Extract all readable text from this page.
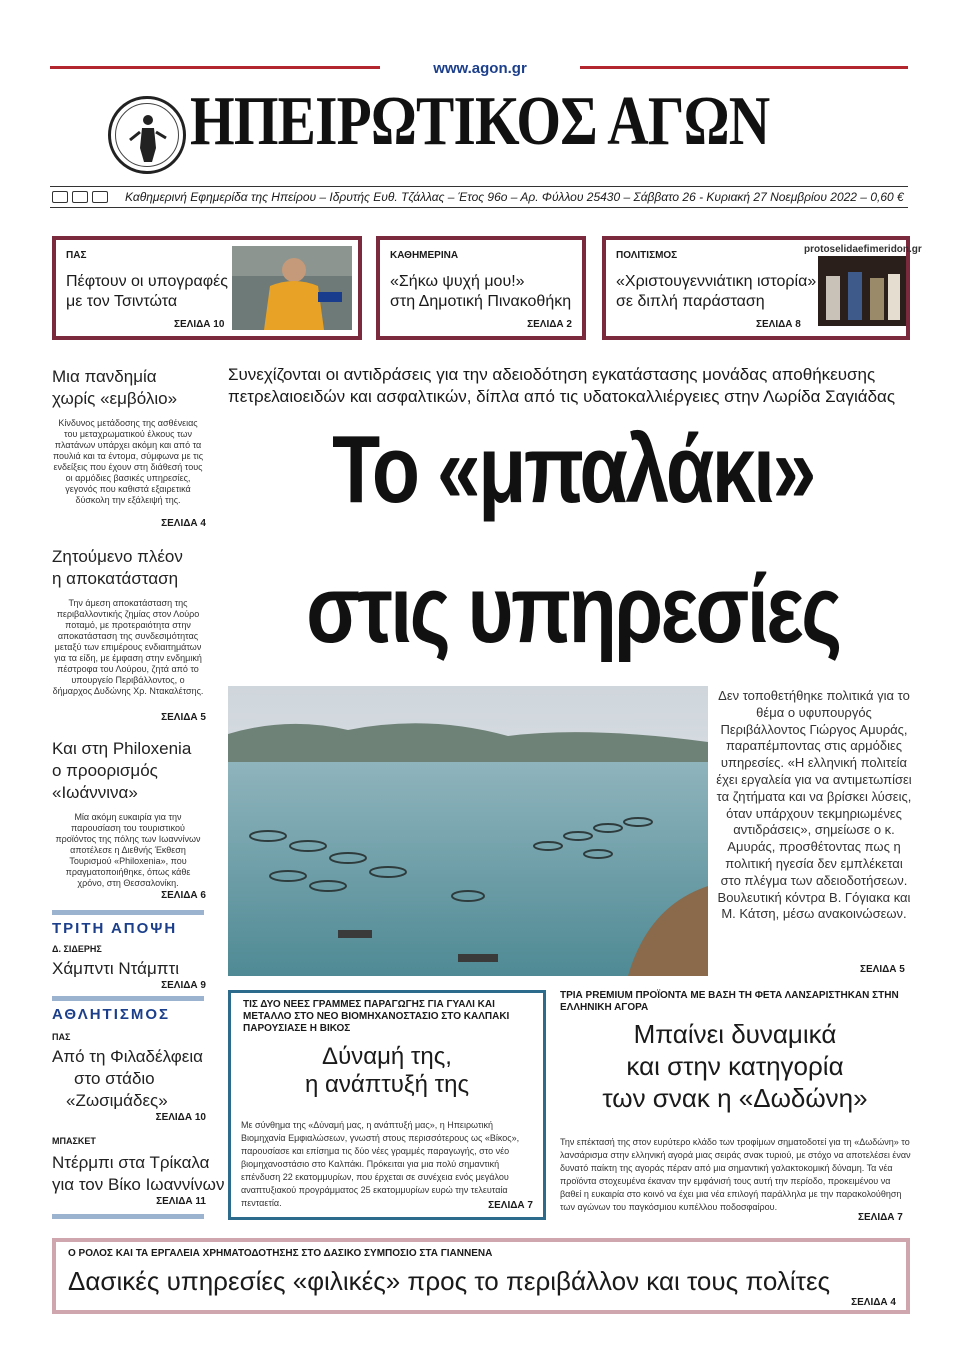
www.agon.gr
ΗΠΕΙΡΩΤΙΚΟΣ ΑΓΩΝ
Καθημερινή Εφημερίδα της Ηπείρου – Ιδρυτής Ευθ. Τζάλλας – Έτος 96ο – Αρ. Φύλλου 25430 – Σάββατο 26 - Κυριακή 27 Νοεμβρίου 2022 – 0,60 €
ΠΑΣ
Πέφτουν οι υπογραφές
με τον Τσιντώτα
ΣΕΛΙΔΑ 10
ΚΑΘΗΜΕΡΙΝΑ
«Σήκω ψυχή μου!»
στη Δημοτική Πινακοθήκη
ΣΕΛΙΔΑ 2
ΠΟΛΙΤΙΣΜΟΣ
«Χριστουγεννιάτικη ιστορία»
σε διπλή παράσταση
ΣΕΛΙΔΑ 8
protoselidaefimeridon.gr
Μια πανδημία
χωρίς «εμβόλιο»
Κίνδυνος μετάδοσης της ασθένειας του μεταχρωματικού έλκους των πλατάνων υπάρχει ακόμη και από τα πουλιά και τα έντομα, σύμφωνα με τις ενδείξεις που έχουν στη διάθεσή τους οι αρμόδιες βασικές υπηρεσίες, γεγονός που καθιστά εξαιρετικά δύσκολη την εξάλειψή της.
ΣΕΛΙΔΑ 4
Ζητούμενο πλέον
η αποκατάσταση
Την άμεση αποκατάσταση της περιβαλλοντικής ζημίας στον Λούρο ποταμό, με προτεραιότητα στην αποκατάσταση της συνδεσιμότητας μεταξύ των επιμέρους ενδιαιτημάτων για τα είδη, με έμφαση στην ενδημική πέστροφα του Λούρου, ζητά από το υπουργείο Περιβάλλοντος, ο δήμαρχος Δυδώνης Χρ. Ντακαλέτσης.
ΣΕΛΙΔΑ 5
Και στη Philoxenia
ο προορισμός
«Ιωάννινα»
Μία ακόμη ευκαιρία για την παρουσίαση του τουριστικού προϊόντος της πόλης των Ιωαννίνων αποτέλεσε η Διεθνής Έκθεση Τουρισμού «Philoxenia», που πραγματοποιήθηκε, όπως κάθε χρόνο, στη Θεσσαλονίκη.
ΣΕΛΙΔΑ 6
ΤΡΙΤΗ ΑΠΟΨΗ
Δ. ΣΙΔΕΡΗΣ
Χάμπντι Ντάμπτι
ΣΕΛΙΔΑ 9
ΑΘΛΗΤΙΣΜΟΣ
ΠΑΣ
Από τη Φιλαδέλφεια
στο στάδιο
«Ζωσιμάδες»
ΣΕΛΙΔΑ 10
ΜΠΑΣΚΕΤ
Ντέρμπι στα Τρίκαλα
για τον Βίκο Ιωαννίνων
ΣΕΛΙΔΑ 11
Συνεχίζονται οι αντιδράσεις για την αδειοδότηση εγκατάστασης μονάδας αποθήκευσης πετρελαιοειδών και ασφαλτικών, δίπλα από τις υδατοκαλλιέργειες στην Λωρίδα Σαγιάδας
Το «μπαλάκι»
στις υπηρεσίες
Δεν τοποθετήθηκε πολιτικά για το θέμα ο υφυπουργός Περιβάλλοντος Γιώργος Αμυράς, παραπέμποντας στις αρμόδιες υπηρεσίες. «Η ελληνική πολιτεία έχει εργαλεία για να αντιμετωπίσει τα ζητήματα και να βρίσκει λύσεις, όταν υπάρχουν τεκμηριωμένες αντιδράσεις», σημείωσε ο κ. Αμυράς, προσθέτοντας πως η πολιτική ηγεσία δεν εμπλέκεται στο πλέγμα των αδειοδοτήσεων. Βουλευτική κόντρα Β. Γόγιακα και Μ. Κάτση, μέσω ανακοινώσεων.
ΣΕΛΙΔΑ 5
ΤΙΣ ΔΥΟ ΝΕΕΣ ΓΡΑΜΜΕΣ ΠΑΡΑΓΩΓΗΣ ΓΙΑ ΓΥΑΛΙ ΚΑΙ ΜΕΤΑΛΛΟ ΣΤΟ ΝΕΟ ΒΙΟΜΗΧΑΝΟΣΤΑΣΙΟ ΣΤΟ ΚΑΛΠΑΚΙ ΠΑΡΟΥΣΙΑΣΕ Η ΒΙΚΟΣ
Δύναμή της,
η ανάπτυξή της
Με σύνθημα της «Δύναμή μας, η ανάπτυξή μας», η Ηπειρωτική Βιομηχανία Εμφιαλώσεων, γνωστή στους περισσότερους ως «Βίκος», παρουσίασε και επίσημα τις δύο νέες γραμμές παραγωγής, στο νέο βιομηχανοστάσιο στο Καλπάκι. Πρόκειται για μια πολύ σημαντική επένδυση 22 εκατομμυρίων, που έρχεται σε συνέχεια ενός μεγάλου αναπτυξιακού προγράμματος 25 εκατομμυρίων ευρώ την τελευταία πενταετία.	ΣΕΛΙΔΑ 7
ΤΡΙΑ PREMIUM ΠΡΟΪΟΝΤΑ ΜΕ ΒΑΣΗ ΤΗ ΦΕΤΑ ΛΑΝΣΑΡΙΣΤΗΚΑΝ ΣΤΗΝ ΕΛΛΗΝΙΚΗ ΑΓΟΡΑ
Μπαίνει δυναμικά
και στην κατηγορία
των σνακ η «Δωδώνη»
Την επέκτασή της στον ευρύτερο κλάδο των τροφίμων σηματοδοτεί για τη «Δωδώνη» το λανσάρισμα στην ελληνική αγορά μιας σειράς σνακ τυριού, με στόχο να αποτελέσει έναν δυνατό παίκτη της αγοράς πέραν από μια σημαντική γαλακτοκομική δύναμη. Τα νέα προϊόντα στοχευμένα έκαναν την εμφάνισή τους αυτή την περίοδο, προκειμένου να βαθεί η ευκαιρία στο κοινό να έχει μια νέα επιλογή παράλληλα με την παρακολούθηση των αγώνων του παγκόσμιου κυπέλλου ποδοσφαίρου.
ΣΕΛΙΔΑ 7
Ο ΡΟΛΟΣ ΚΑΙ ΤΑ ΕΡΓΑΛΕΙΑ ΧΡΗΜΑΤΟΔΟΤΗΣΗΣ ΣΤΟ ΔΑΣΙΚΟ ΣΥΜΠΟΣΙΟ ΣΤΑ ΓΙΑΝΝΕΝΑ
Δασικές υπηρεσίες «φιλικές» προς το περιβάλλον και τους πολίτες
ΣΕΛΙΔΑ 4
